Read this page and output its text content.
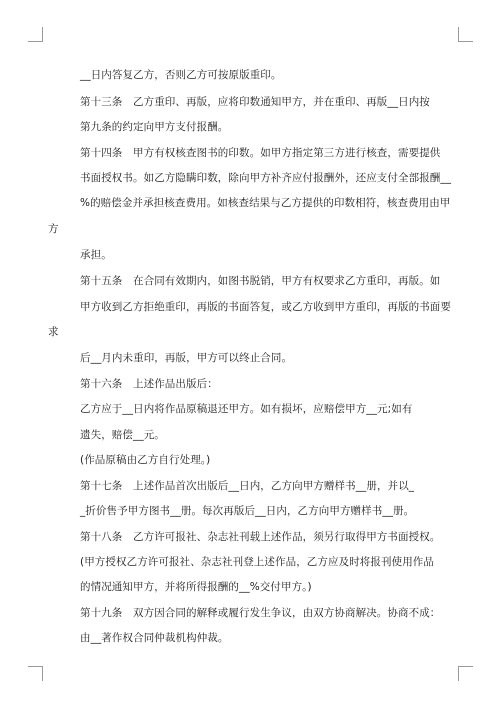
__日内答复乙方，否则乙方可按原版重印。
第十三条　乙方重印、再版，应将印数通知甲方，并在重印、再版__日内按
第九条的约定向甲方支付报酬。
第十四条　甲方有权核查图书的印数。如甲方指定第三方进行核查，需要提供
书面授权书。如乙方隐瞒印数，除向甲方补齐应付报酬外，还应支付全部报酬__
%的赔偿金并承担核查费用。如核查结果与乙方提供的印数相符，核查费用由甲
方
承担。
第十五条　在合同有效期内，如图书脱销，甲方有权要求乙方重印，再版。如
甲方收到乙方拒绝重印，再版的书面答复，或乙方收到甲方重印，再版的书面要
求
后__月内未重印，再版，甲方可以终止合同。
第十六条　上述作品出版后：
乙方应于__日内将作品原稿退还甲方。如有损坏，应赔偿甲方__元;如有
遗失，赔偿__元。
(作品原稿由乙方自行处理。)
第十七条　上述作品首次出版后__日内，乙方向甲方赠样书__册，并以_
_折价售予甲方图书__册。每次再版后__日内，乙方向甲方赠样书__册。
第十八条　乙方许可报社、杂志社刊载上述作品，须另行取得甲方书面授权。
(甲方授权乙方许可报社、杂志社刊登上述作品，乙方应及时将报刊使用作品
的情况通知甲方，并将所得报酬的__%交付甲方。)
第十九条　双方因合同的解释或履行发生争议，由双方协商解决。协商不成：
由__著作权合同仲裁机构仲裁。
